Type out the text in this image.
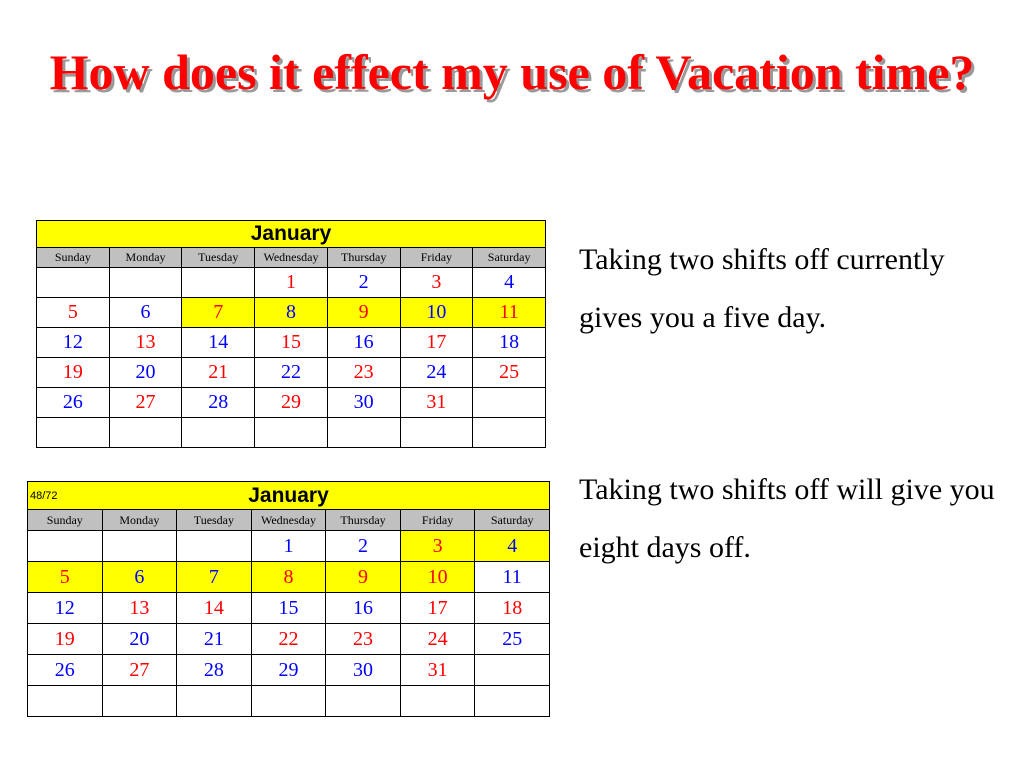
How does it effect my use of Vacation time?
January						
Sunday	Monday	Tuesday	Wednesday	Thursday	Friday	Saturday
			1	2	3	4
5	6	7	8	9	10	11
12	13	14	15	16	17	18
19	20	21	22	23	24	25
26	27	28	29	30	31	

48/72 January						
Sunday	Monday	Tuesday	Wednesday	Thursday	Friday	Saturday
			1	2	3	4
5	6	7	8	9	10	11
12	13	14	15	16	17	18
19	20	21	22	23	24	25
26	27	28	29	30	31	

Taking two shifts off currently gives you a five day.

Taking two shifts off will give you eight days off.
